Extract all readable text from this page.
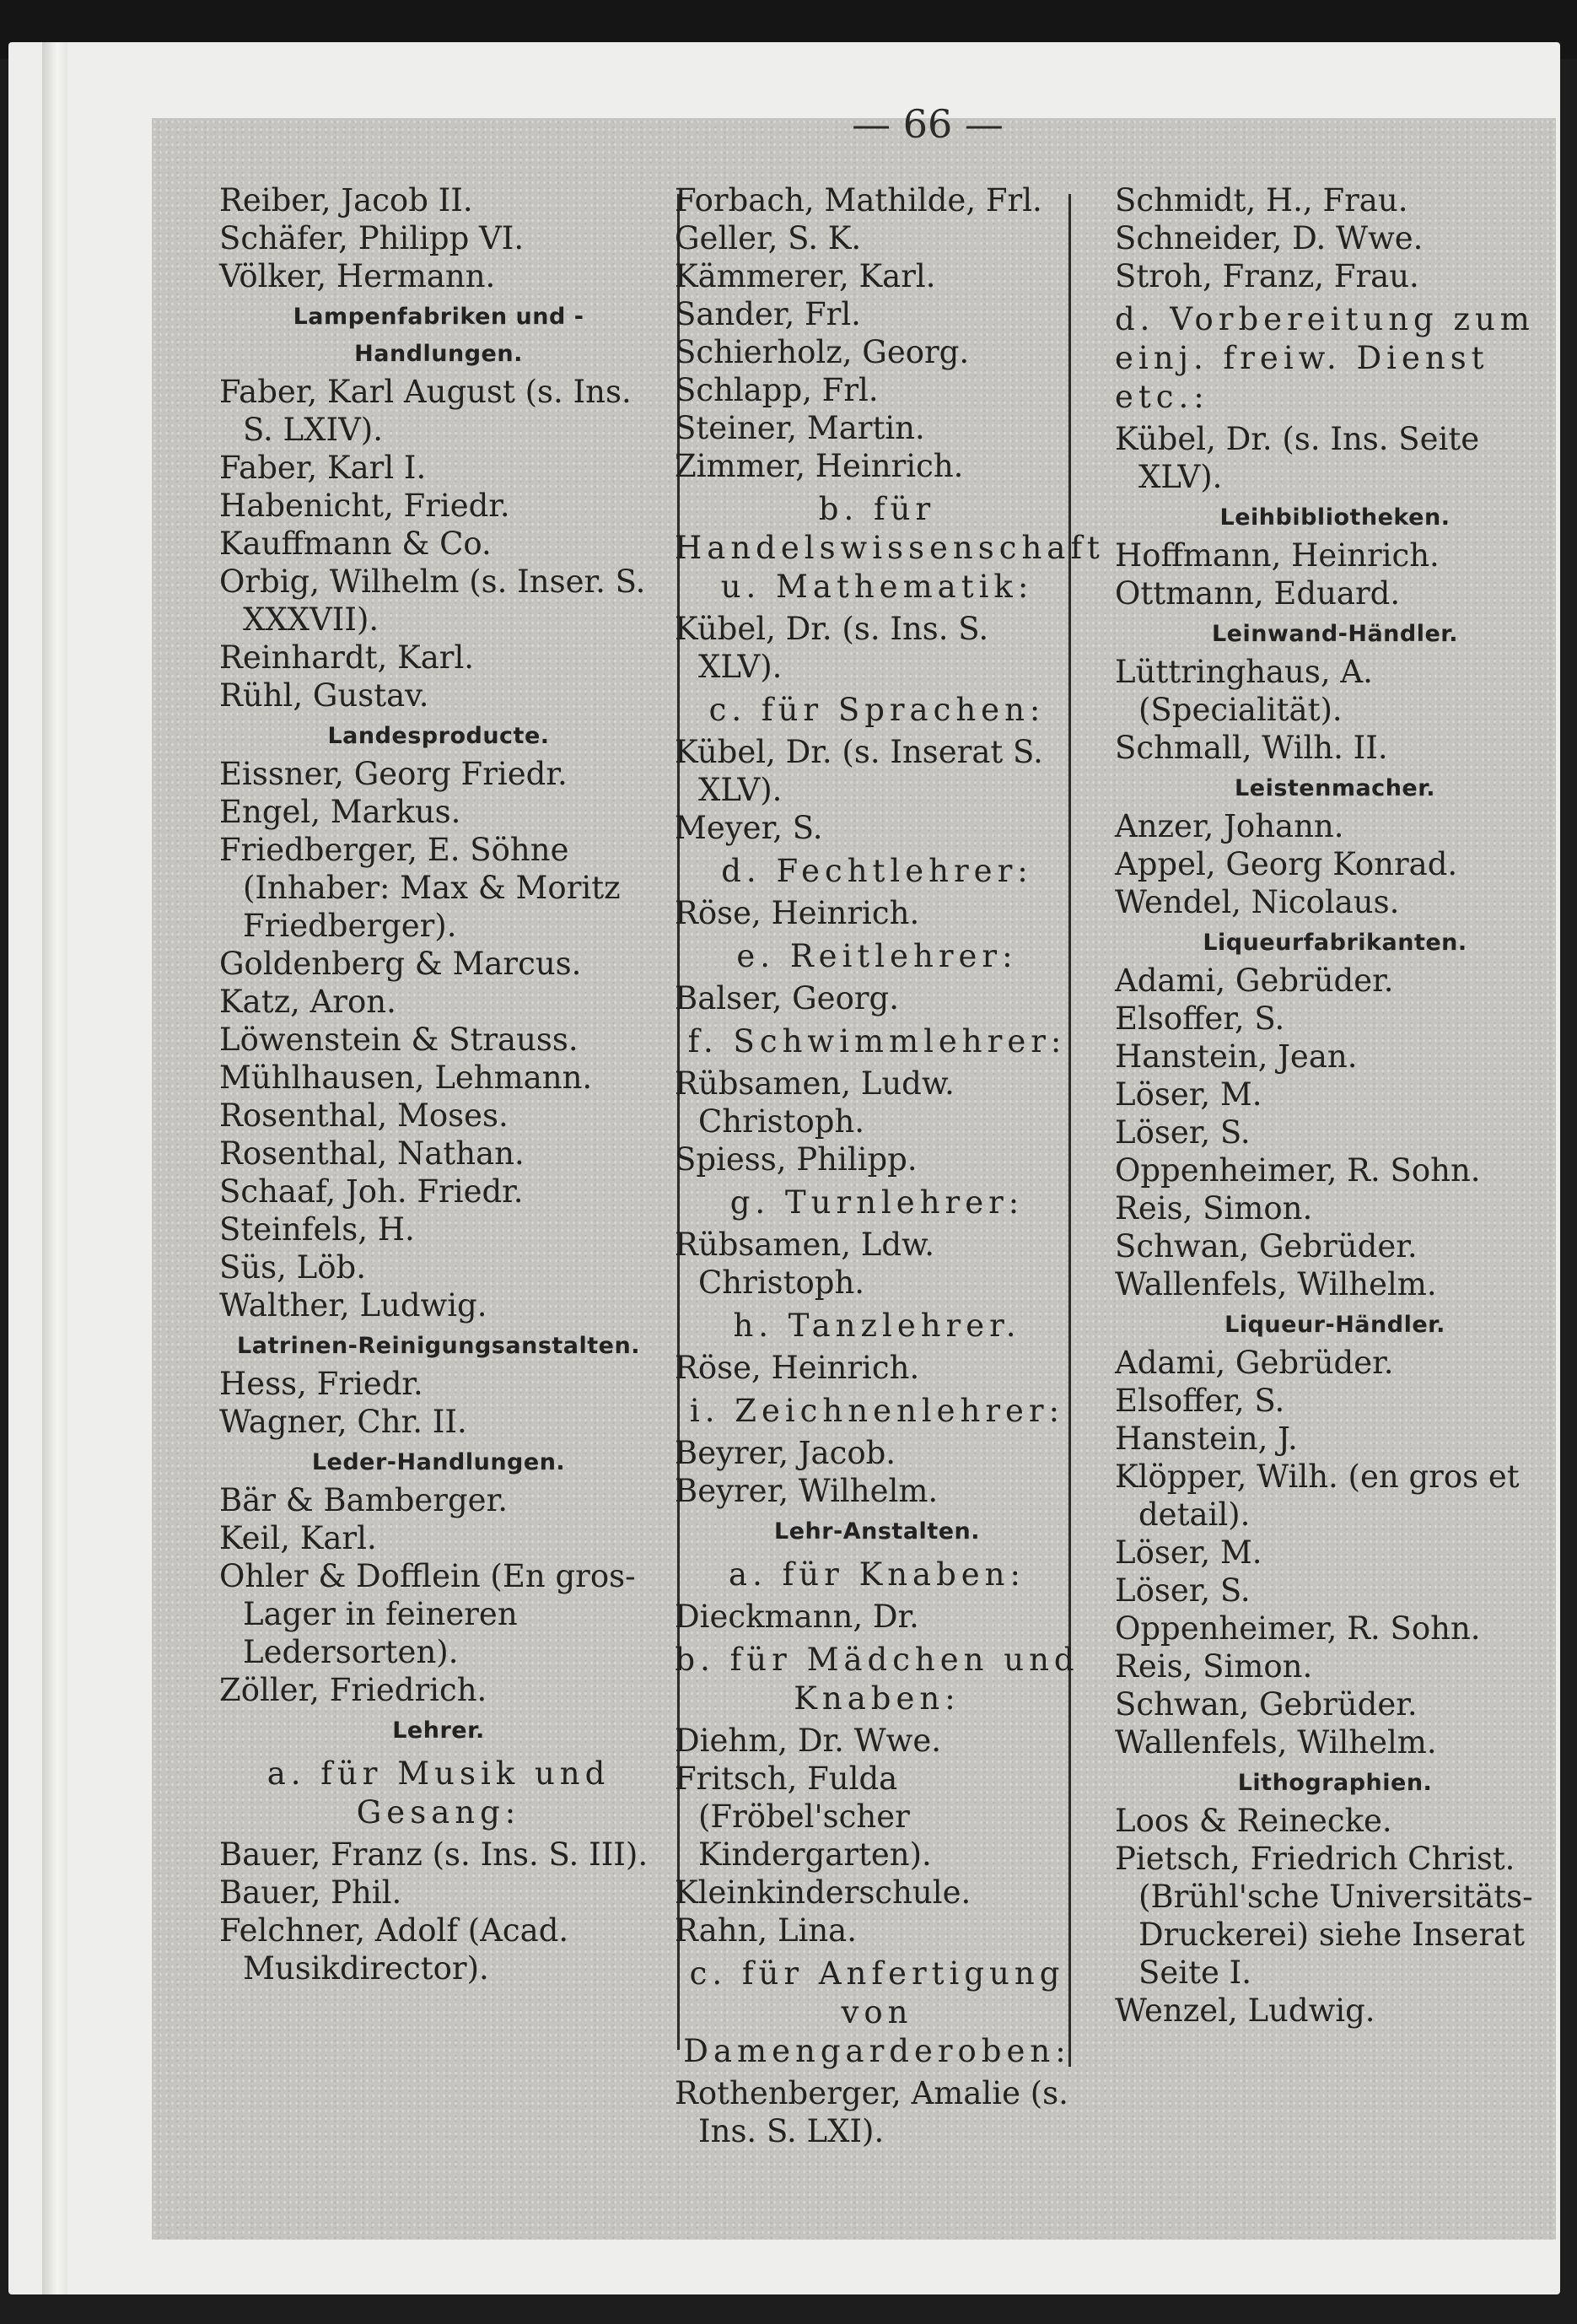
— 66 —
Reiber, Jacob II.
Schäfer, Philipp VI.
Völker, Hermann.
Lampenfabriken und -Handlungen.
Faber, Karl August (s. Ins. S. LXIV).
Faber, Karl I.
Habenicht, Friedr.
Kauffmann & Co.
Orbig, Wilhelm (s. Inser. S. XXXVII).
Reinhardt, Karl.
Rühl, Gustav.
Landesproducte.
Eissner, Georg Friedr.
Engel, Markus.
Friedberger, E. Söhne (Inhaber: Max & Moritz Friedberger).
Goldenberg & Marcus.
Katz, Aron.
Löwenstein & Strauss.
Mühlhausen, Lehmann.
Rosenthal, Moses.
Rosenthal, Nathan.
Schaaf, Joh. Friedr.
Steinfels, H.
Süs, Löb.
Walther, Ludwig.
Latrinen-Reinigungsanstalten.
Hess, Friedr.
Wagner, Chr. II.
Leder-Handlungen.
Bär & Bamberger.
Keil, Karl.
Ohler & Dofflein (En gros-Lager in feineren Ledersorten).
Zöller, Friedrich.
Lehrer.
a. für Musik und Gesang:
Bauer, Franz (s. Ins. S. III).
Bauer, Phil.
Felchner, Adolf (Acad. Musikdirector).
Forbach, Mathilde, Frl.
Geller, S. K.
Kämmerer, Karl.
Sander, Frl.
Schierholz, Georg.
Schlapp, Frl.
Steiner, Martin.
Zimmer, Heinrich.
b. für Handelswissenschaft u. Mathematik:
Kübel, Dr. (s. Ins. S. XLV).
c. für Sprachen:
Kübel, Dr. (s. Inserat S. XLV).
Meyer, S.
d. Fechtlehrer:
Röse, Heinrich.
e. Reitlehrer:
Balser, Georg.
f. Schwimmlehrer:
Rübsamen, Ludw. Christoph.
Spiess, Philipp.
g. Turnlehrer:
Rübsamen, Ldw. Christoph.
h. Tanzlehrer.
Röse, Heinrich.
i. Zeichnenlehrer:
Beyrer, Jacob.
Beyrer, Wilhelm.
Lehr-Anstalten.
a. für Knaben:
Dieckmann, Dr.
b. für Mädchen und Knaben:
Diehm, Dr. Wwe.
Fritsch, Fulda (Fröbel'scher Kindergarten).
Kleinkinderschule.
Rahn, Lina.
c. für Anfertigung von Damengarderoben:
Rothenberger, Amalie (s. Ins. S. LXI).
Schmidt, H., Frau.
Schneider, D. Wwe.
Stroh, Franz, Frau.
d. Vorbereitung zum einj. freiw. Dienst etc.:
Kübel, Dr. (s. Ins. Seite XLV).
Leihbibliotheken.
Hoffmann, Heinrich.
Ottmann, Eduard.
Leinwand-Händler.
Lüttringhaus, A. (Specialität).
Schmall, Wilh. II.
Leistenmacher.
Anzer, Johann.
Appel, Georg Konrad.
Wendel, Nicolaus.
Liqueurfabrikanten.
Adami, Gebrüder.
Elsoffer, S.
Hanstein, Jean.
Löser, M.
Löser, S.
Oppenheimer, R. Sohn.
Reis, Simon.
Schwan, Gebrüder.
Wallenfels, Wilhelm.
Liqueur-Händler.
Adami, Gebrüder.
Elsoffer, S.
Hanstein, J.
Klöpper, Wilh. (en gros et detail).
Löser, M.
Löser, S.
Oppenheimer, R. Sohn.
Reis, Simon.
Schwan, Gebrüder.
Wallenfels, Wilhelm.
Lithographien.
Loos & Reinecke.
Pietsch, Friedrich Christ. (Brühl'sche Universitäts-Druckerei) siehe Inserat Seite I.
Wenzel, Ludwig.
